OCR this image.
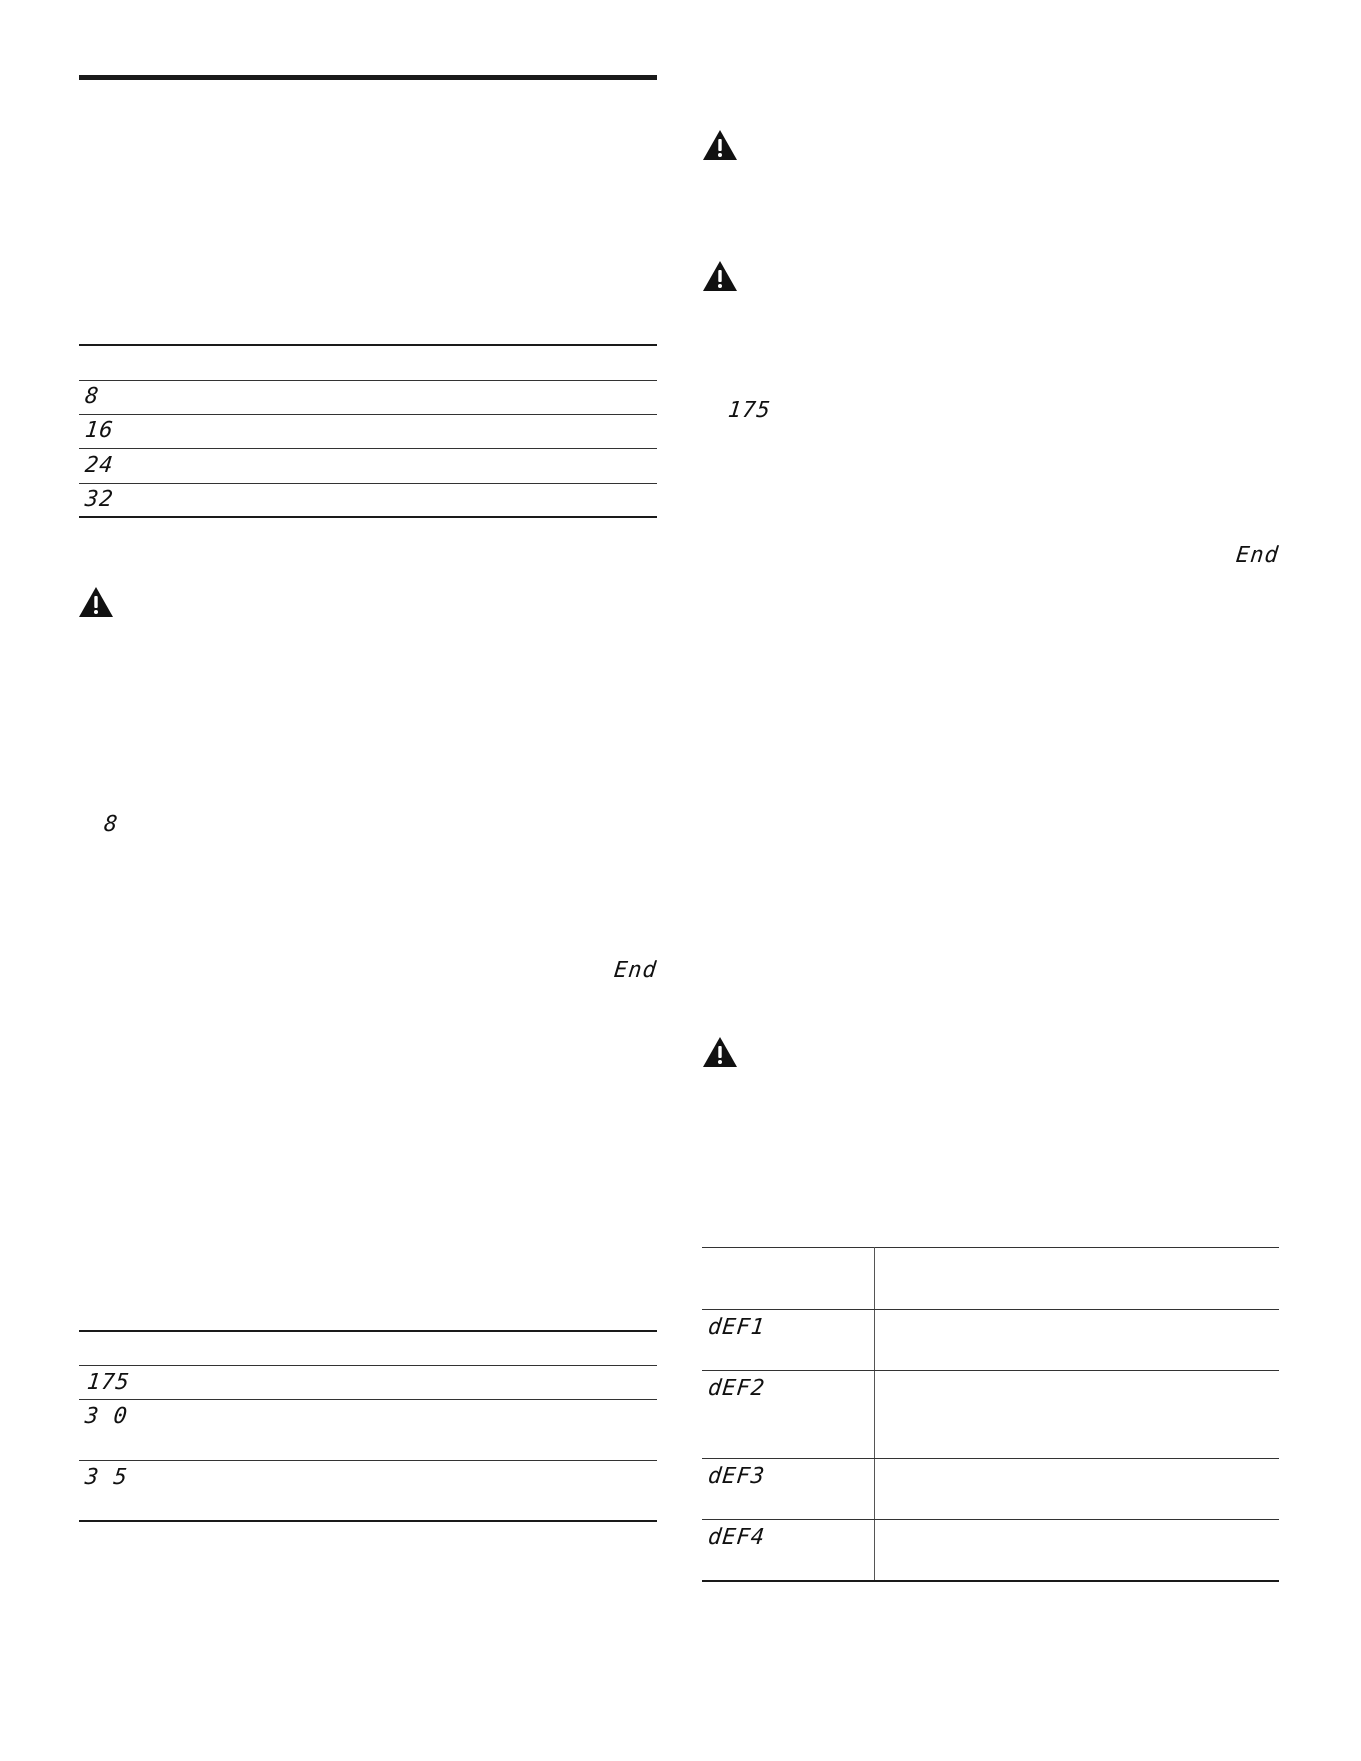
8
16
24
32
8
End
175
3 0
3 5
175
End
dEF1
dEF2
dEF3
dEF4
